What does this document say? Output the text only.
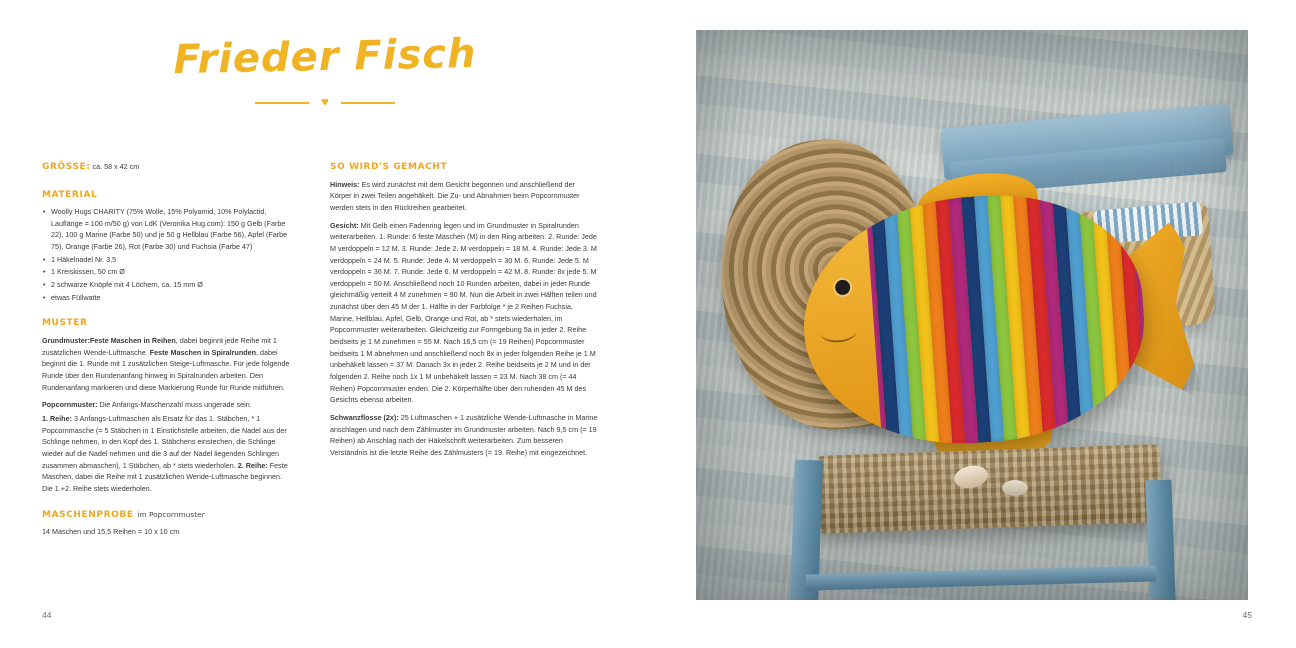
Frieder Fisch
♥

GRÖSSE: ca. 58 x 42 cm

MATERIAL
• Woolly Hugs CHARITY (75% Wolle, 15% Polyamid, 10% Polylactid, Lauflänge = 100 m/50 g) von LdK (Veronika Hug.com): 150 g Gelb (Farbe 22), 100 g Marine (Farbe 50) und je 50 g Hellblau (Farbe 56), Apfel (Farbe 75), Orange (Farbe 26), Rot (Farbe 30) und Fuchsia (Farbe 47)
• 1 Häkelnadel Nr. 3,5
• 1 Kreiskissen, 50 cm Ø
• 2 schwarze Knöpfe mit 4 Löchern, ca. 15 mm Ø
• etwas Füllwatte
MUSTER

Grundmuster:Feste Maschen in Reihen, dabei beginnt jede Reihe mit 1 zusätzlichen Wende-Luftmasche. Feste Maschen in Spiralrunden, dabei beginnt die 1. Runde mit 1 zusätzlichen Steige-Luftmasche. Für jede folgende Runde über den Rundenanfang hinweg in Spiralrunden arbeiten. Den Rundenanfang markieren und diese Markierung Runde für Runde mitführen.

Popcornmuster: Die Anfangs-Maschenzahl muss ungerade sein.

1. Reihe: 3 Anfangs-Luftmaschen als Ersatz für das 1. Stäbchen, * 1 Popcornmasche (= 5 Stäbchen in 1 Einstichstelle arbeiten, die Nadel aus der Schlinge nehmen, in den Kopf des 1. Stäbchens einstechen, die Schlinge wieder auf die Nadel nehmen und die 3 auf der Nadel liegenden Schlingen zusammen abmaschen), 1 Stäbchen, ab * stets wiederholen. 2. Reihe: Feste Maschen, dabei die Reihe mit 1 zusätzlichen Wende-Luftmasche beginnen. Die 1.+2. Reihe stets wiederholen.

MASCHENPROBE im Popcornmuster

14 Maschen und 15,5 Reihen = 10 x 10 cm

SO WIRD'S GEMACHT

Hinweis: Es wird zunächst mit dem Gesicht begonnen und anschließend der Körper in zwei Teilen angehäkelt. Die Zu- und Abnahmen beim Popcornmuster werden stets in den Rückreihen gearbeitet.

Gesicht: Mit Gelb einen Fadenring legen und im Grundmuster in Spiralrunden weiterarbeiten. 1. Runde: 6 feste Maschen (M) in den Ring arbeiten. 2. Runde: Jede M verdoppeln = 12 M. 3. Runde: Jede 2. M verdoppeln = 18 M. 4. Runde: Jede 3. M verdoppeln = 24 M. 5. Runde: Jede 4. M verdoppeln = 30 M. 6. Runde: Jede 5. M verdoppeln = 36 M. 7. Runde: Jede 6. M verdoppeln = 42 M. 8. Runde: 8x jede 5. M verdoppeln = 50 M. Anschließend noch 10 Runden arbeiten, dabei in jeder Runde gleichmäßig verteilt 4 M zunehmen = 90 M. Nun die Arbeit in zwei Hälften teilen und zunächst über den 45 M der 1. Hälfte in der Farbfolge * je 2 Reihen Fuchsia, Marine, Hellblau, Apfel, Gelb, Orange und Rot, ab * stets wiederholen, im Popcornmuster weiterarbeiten. Gleichzeitig zur Formgebung 5a in jeder 2. Reihe beidseits je 1 M zunehmen = 55 M. Nach 16,5 cm (= 19 Reihen) Popcornmuster beidseits 1 M abnehmen und anschließend noch 8x in jeder folgenden Reihe je 1 M unbehäkelt lassen = 37 M. Danach 3x in jeder 2. Reihe beidseits je 2 M und in der folgenden 2. Reihe noch 1x 1 M unbehäkelt lassen = 23 M. Nach 38 cm (= 44 Reihen) Popcornmuster enden. Die 2. Körperhälfte über den ruhenden 45 M des Gesichts ebenso arbeiten.

Schwanzflosse (2x): 25 Luftmaschen + 1 zusätzliche Wende-Luftmasche in Marine anschlagen und nach dem Zählmuster im Grundmuster arbeiten. Nach 9,5 cm (= 19 Reihen) ab Anschlag nach der Häkelschrift weiterarbeiten. Zum besseren Verständnis ist die letzte Reihe des Zählmusters (= 19. Reihe) mit eingezeichnet.

44	45
